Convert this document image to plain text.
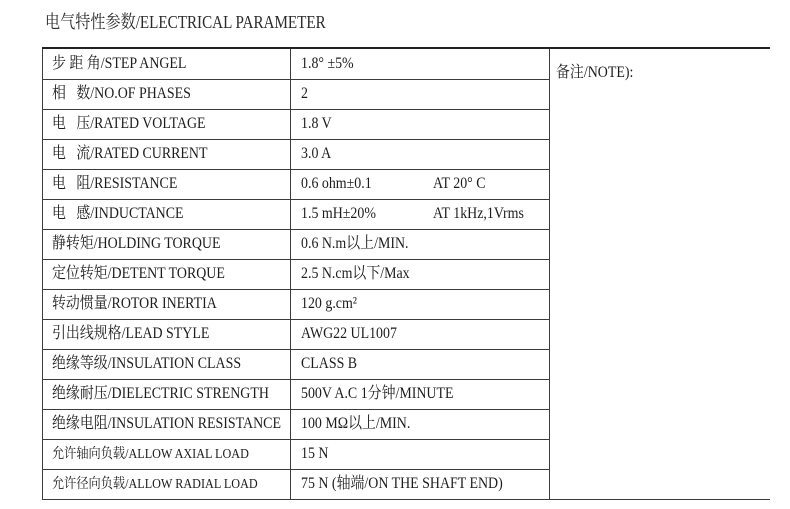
电气特性参数/ELECTRICAL PARAMETER
步 距 角/STEP ANGEL	1.8° ±5%

相   数/NO.OF PHASES	2

电   压/RATED VOLTAGE	1.8 V

电   流/RATED CURRENT	3.0 A

电   阻/RESISTANCE	0.6 ohm±0.1 AT 20° C

电   感/INDUCTANCE	1.5 mH±20% AT 1kHz,1Vrms

静转矩/HOLDING TORQUE	0.6 N.m以上/MIN.

定位转矩/DETENT TORQUE	2.5 N.cm以下/Max

转动惯量/ROTOR INERTIA	120 g.cm²

引出线规格/LEAD STYLE	AWG22 UL1007

绝缘等级/INSULATION CLASS	CLASS B

绝缘耐压/DIELECTRIC STRENGTH	500V A.C 1分钟/MINUTE

绝缘电阻/INSULATION RESISTANCE	100 MΩ以上/MIN.

允许轴向负载/ALLOW AXIAL LOAD	15 N

允许径向负载/ALLOW RADIAL LOAD	75 N (轴端/ON THE SHAFT END)
备注/NOTE):
